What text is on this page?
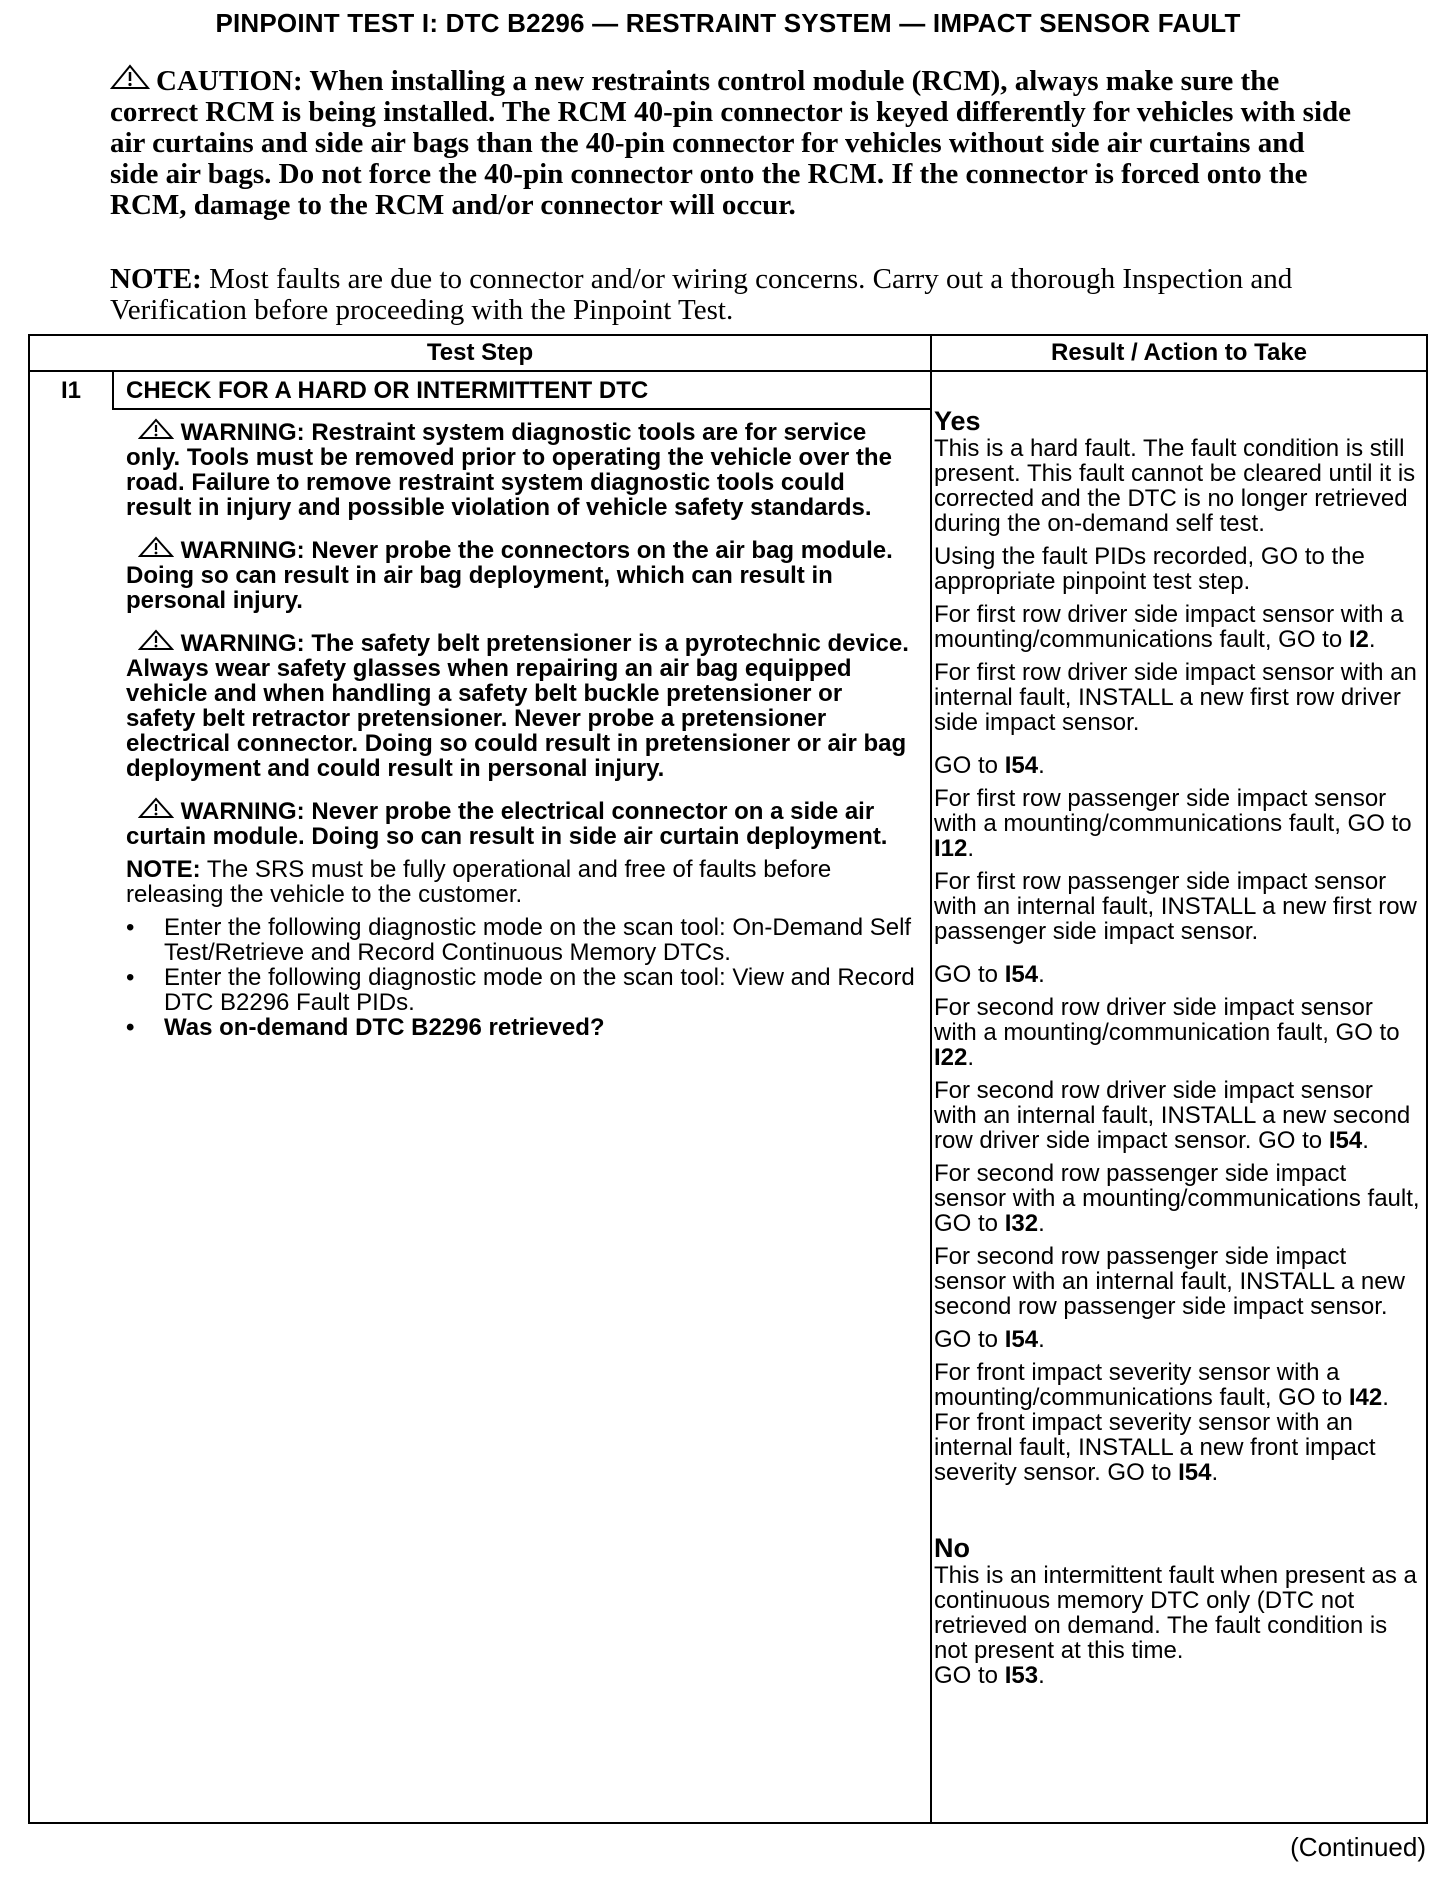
PINPOINT TEST I: DTC B2296 — RESTRAINT SYSTEM — IMPACT SENSOR FAULT
CAUTION: When installing a new restraints control module (RCM), always make sure the correct RCM is being installed. The RCM 40-pin connector is keyed differently for vehicles with side air curtains and side air bags than the 40-pin connector for vehicles without side air curtains and side air bags. Do not force the 40-pin connector onto the RCM. If the connector is forced onto the RCM, damage to the RCM and/or connector will occur.
NOTE: Most faults are due to connector and/or wiring concerns. Carry out a thorough Inspection and Verification before proceeding with the Pinpoint Test.
Test Step	Result / Action to Take
I1	CHECK FOR A HARD OR INTERMITTENT DTC
WARNING: Restraint system diagnostic tools are for service only. Tools must be removed prior to operating the vehicle over the road. Failure to remove restraint system diagnostic tools could result in injury and possible violation of vehicle safety standards.
WARNING: Never probe the connectors on the air bag module. Doing so can result in air bag deployment, which can result in personal injury.
WARNING: The safety belt pretensioner is a pyrotechnic device. Always wear safety glasses when repairing an air bag equipped vehicle and when handling a safety belt buckle pretensioner or safety belt retractor pretensioner. Never probe a pretensioner electrical connector. Doing so could result in pretensioner or air bag deployment and could result in personal injury.
WARNING: Never probe the electrical connector on a side air curtain module. Doing so can result in side air curtain deployment.
NOTE: The SRS must be fully operational and free of faults before releasing the vehicle to the customer.
• Enter the following diagnostic mode on the scan tool: On-Demand Self Test/Retrieve and Record Continuous Memory DTCs.
• Enter the following diagnostic mode on the scan tool: View and Record DTC B2296 Fault PIDs.
• Was on-demand DTC B2296 retrieved?

Yes

This is a hard fault. The fault condition is still present. This fault cannot be cleared until it is corrected and the DTC is no longer retrieved during the on-demand self test.

Using the fault PIDs recorded, GO to the appropriate pinpoint test step.

For first row driver side impact sensor with a mounting/communications fault, GO to I2.

For first row driver side impact sensor with an internal fault, INSTALL a new first row driver side impact sensor.

GO to I54.

For first row passenger side impact sensor with a mounting/communications fault, GO to I12.

For first row passenger side impact sensor with an internal fault, INSTALL a new first row passenger side impact sensor.

GO to I54.

For second row driver side impact sensor with a mounting/communication fault, GO to I22.

For second row driver side impact sensor with an internal fault, INSTALL a new second row driver side impact sensor. GO to I54.

For second row passenger side impact sensor with a mounting/communications fault, GO to I32.

For second row passenger side impact sensor with an internal fault, INSTALL a new second row passenger side impact sensor.

GO to I54.

For front impact severity sensor with a mounting/communications fault, GO to I42.

For front impact severity sensor with an internal fault, INSTALL a new front impact severity sensor. GO to I54.

No

This is an intermittent fault when present as a continuous memory DTC only (DTC not retrieved on demand. The fault condition is not present at this time.

GO to I53.

(Continued)
